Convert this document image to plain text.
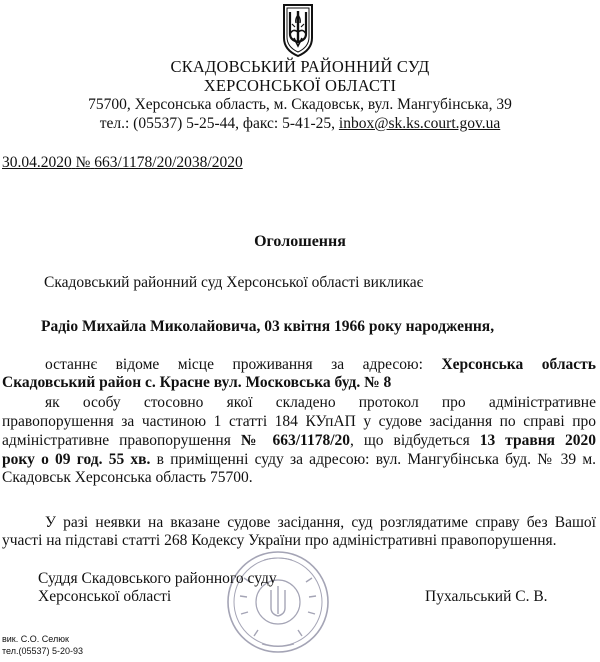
СКАДОВСЬКИЙ РАЙОННИЙ СУД
ХЕРСОНСЬКОЇ ОБЛАСТІ
75700, Херсонська область, м. Скадовськ, вул. Мангубінська, 39
тел.: (05537) 5-25-44, факс: 5-41-25, inbox@sk.ks.court.gov.ua
30.04.2020 № 663/1178/20/2038/2020
Оголошення
Скадовський районний суд Херсонської області викликає
Радіо Михайла Миколайовича, 03 квітня 1966 року народження,
останнє відоме місце проживання за адресою: Херсонська область
Скадовський район с. Красне вул. Московська буд. № 8
як особу стосовно якої складено протокол про адміністративне
правопорушення за частиною 1 статті 184 КУпАП у судове засідання по справі про
адміністративне правопорушення № 663/1178/20, що відбудеться 13 травня 2020
року о 09 год. 55 хв. в приміщенні суду за адресою: вул. Мангубінська буд. № 39 м.
Скадовськ Херсонська область 75700.
У разі неявки на вказане судове засідання, суд розглядатиме справу без Вашої
участі на підставі статті 268 Кодексу України про адміністративні правопорушення.
Суддя Скадовського районного суду
Херсонської області	Пухальський С. В.
вик. С.О. Селюк
тел.(05537) 5-20-93
